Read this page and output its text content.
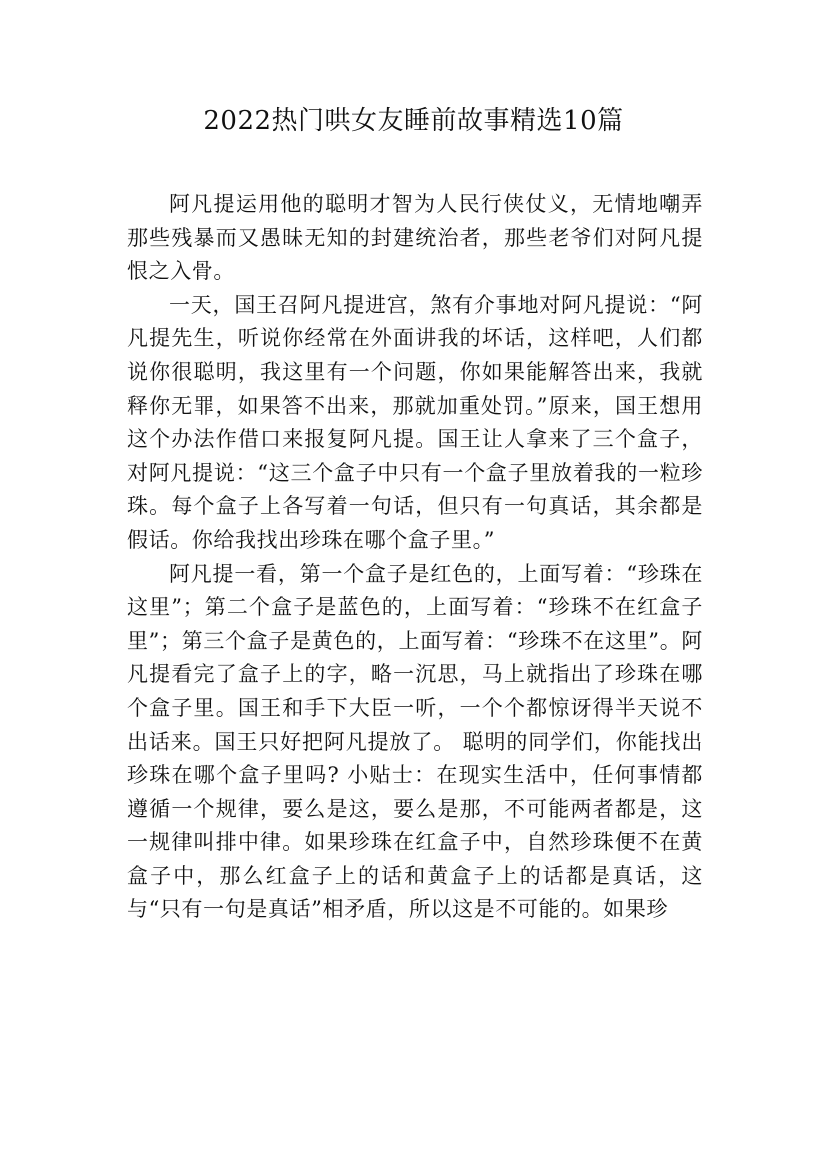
2022热门哄女友睡前故事精选10篇

阿凡提运用他的聪明才智为人民行侠仗义，无情地嘲弄那些残暴而又愚昧无知的封建统治者，那些老爷们对阿凡提恨之入骨。

一天，国王召阿凡提进宫，煞有介事地对阿凡提说：“阿凡提先生，听说你经常在外面讲我的坏话，这样吧，人们都说你很聪明，我这里有一个问题，你如果能解答出来，我就释你无罪，如果答不出来，那就加重处罚。”原来，国王想用这个办法作借口来报复阿凡提。国王让人拿来了三个盒子，对阿凡提说：“这三个盒子中只有一个盒子里放着我的一粒珍珠。每个盒子上各写着一句话，但只有一句真话，其余都是假话。你给我找出珍珠在哪个盒子里。”

阿凡提一看，第一个盒子是红色的，上面写着：“珍珠在这里”；第二个盒子是蓝色的，上面写着：“珍珠不在红盒子里”；第三个盒子是黄色的，上面写着：“珍珠不在这里”。阿凡提看完了盒子上的字，略一沉思，马上就指出了珍珠在哪个盒子里。国王和手下大臣一听，一个个都惊讶得半天说不出话来。国王只好把阿凡提放了。 聪明的同学们，你能找出珍珠在哪个盒子里吗? 小贴士：在现实生活中，任何事情都遵循一个规律，要么是这，要么是那，不可能两者都是，这一规律叫排中律。如果珍珠在红盒子中，自然珍珠便不在黄盒子中，那么红盒子上的话和黄盒子上的话都是真话，这与“只有一句是真话”相矛盾，所以这是不可能的。如果珍
